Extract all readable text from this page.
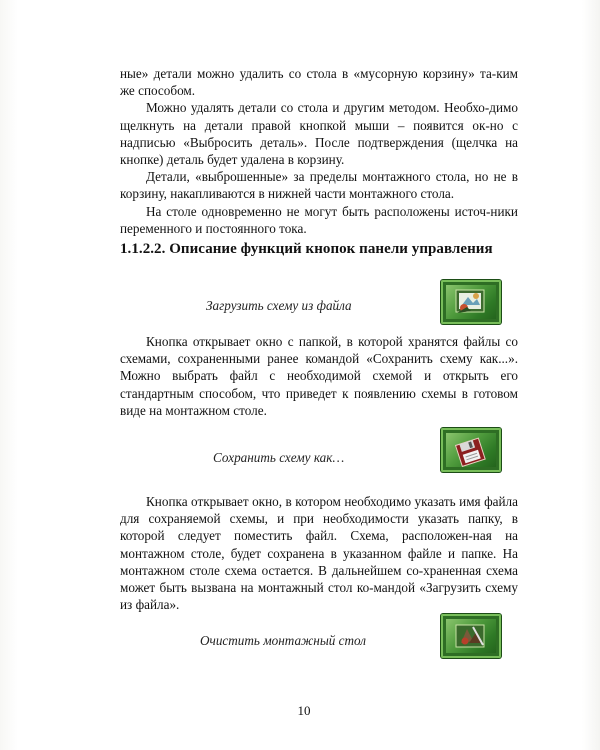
ные» детали можно удалить со стола в «мусорную корзину» та-ким же способом.

Можно удалять детали со стола и другим методом. Необхо-димо щелкнуть на детали правой кнопкой мыши – появится ок-но с надписью «Выбросить деталь». После подтверждения (щелчка на кнопке) деталь будет удалена в корзину.

Детали, «выброшенные» за пределы монтажного стола, но не в корзину, накапливаются в нижней части монтажного стола.

На столе одновременно не могут быть расположены источ-ники переменного и постоянного тока.

1.1.2.2. Описание функций кнопок панели управления
Загрузить схему из файла

Кнопка открывает окно с папкой, в которой хранятся файлы со схемами, сохраненными ранее командой «Сохранить схему как...». Можно выбрать файл с необходимой схемой и открыть его стандартным способом, что приведет к появлению схемы в готовом виде на монтажном столе.

Сохранить схему как…

Кнопка открывает окно, в котором необходимо указать имя файла для сохраняемой схемы, и при необходимости указать папку, в которой следует поместить файл. Схема, расположен-ная на монтажном столе, будет сохранена в указанном файле и папке. На монтажном столе схема остается. В дальнейшем со-храненная схема может быть вызвана на монтажный стол ко-мандой «Загрузить схему из файла».

Очистить монтажный стол
10
